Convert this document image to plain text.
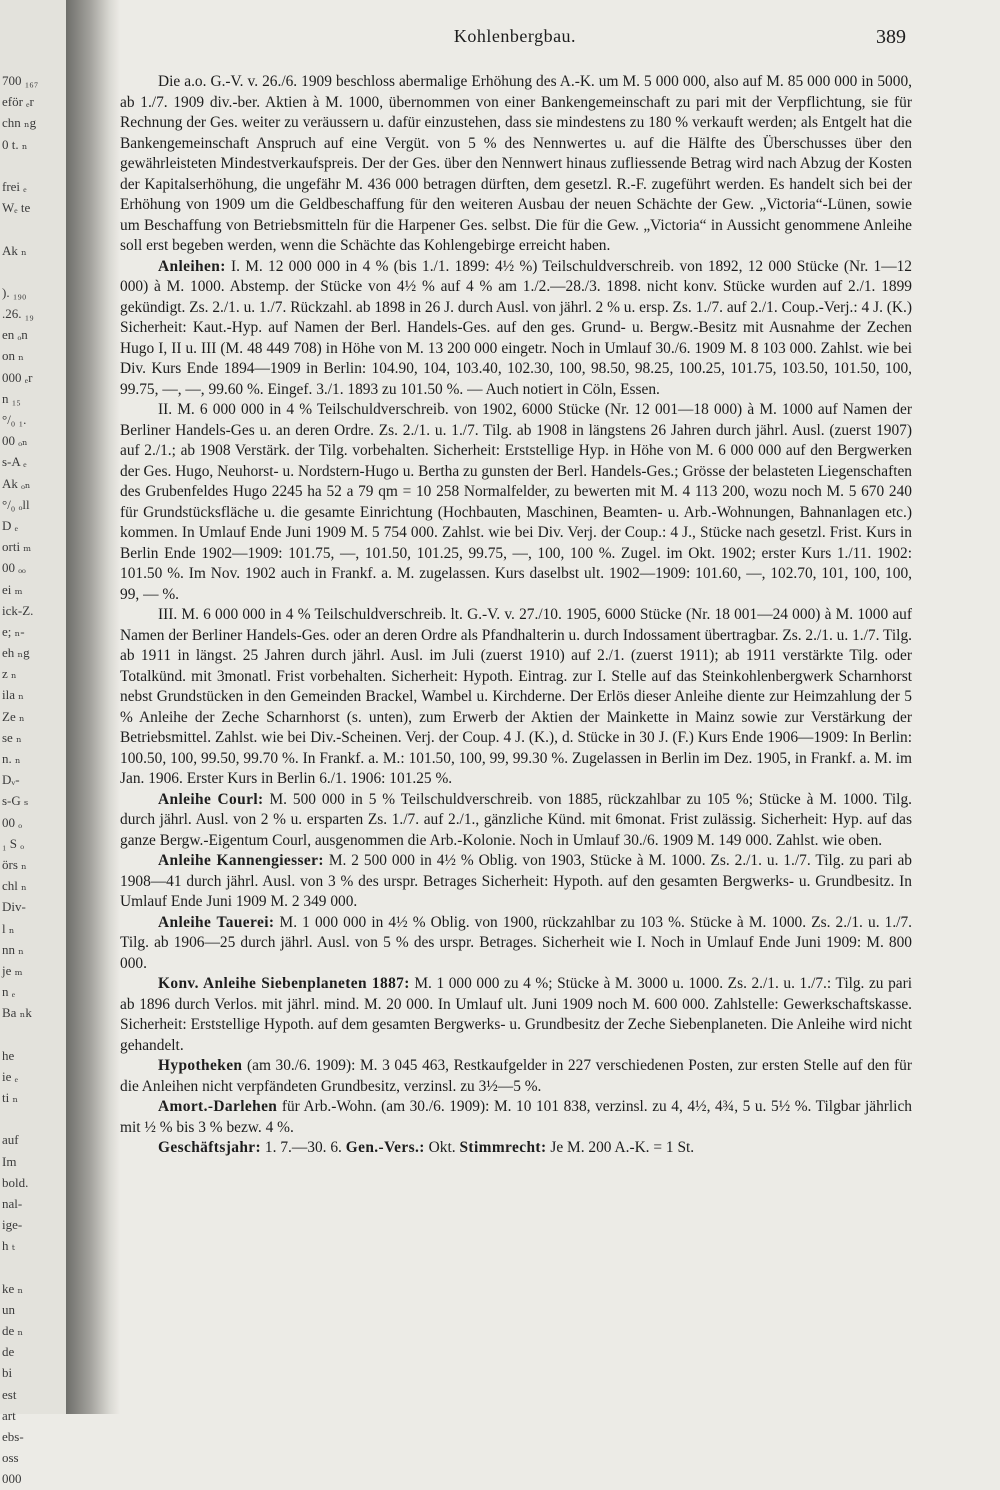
700 ₁₆₇
eför ₑr
chn ₙg
0 t. ₙ
frei ₑ
Wₑ te
Ak ₙ
). ₁₉₀
.26. ₁₉
en ₒn
on ₙ
000 ₑr
n ₁₅
°/₀ ₁.
00 ₒₙ
s-A ₑ
Ak ₒₙ
°/₀ ₒll
D ₑ
orti ₘ
00 ₒₒ
ei ₘ
ick-Z.
e; ₙ-
eh ₙg
z ₙ
ila ₙ
Ze ₙ
se ₙ
n. ₙ
Dᵥ-
s-G ₛ
00 ₒ
₁ S ₒ
örs ₙ
chl ₙ
Div-
l ₙ
nn ₙ
je ₘ
n ₑ
Ba ₙk
he
ie ₑ
ti ₙ
auf
Im
bold.
nal-
ige-
h ₜ
ke ₙ
un
de ₙ
de
bi
est
art
ebs-
oss
000
Kohlenbergbau.	389

Die a.o. G.-V. v. 26./6. 1909 beschloss abermalige Erhöhung des A.-K. um M. 5 000 000, also auf M. 85 000 000 in 5000, ab 1./7. 1909 div.-ber. Aktien à M. 1000, übernommen von einer Bankengemeinschaft zu pari mit der Verpflichtung, sie für Rechnung der Ges. weiter zu veräussern u. dafür einzustehen, dass sie mindestens zu 180 % verkauft werden; als Entgelt hat die Bankengemeinschaft Anspruch auf eine Vergüt. von 5 % des Nennwertes u. auf die Hälfte des Überschusses über den gewährleisteten Mindestverkaufspreis. Der der Ges. über den Nennwert hinaus zufliessende Betrag wird nach Abzug der Kosten der Kapitalserhöhung, die ungefähr M. 436 000 betragen dürften, dem gesetzl. R.-F. zugeführt werden. Es handelt sich bei der Erhöhung von 1909 um die Geldbeschaffung für den weiteren Ausbau der neuen Schächte der Gew. „Victoria“-Lünen, sowie um Beschaffung von Betriebsmitteln für die Harpener Ges. selbst. Die für die Gew. „Victoria“ in Aussicht genommene Anleihe soll erst begeben werden, wenn die Schächte das Kohlengebirge erreicht haben.

Anleihen: I. M. 12 000 000 in 4 % (bis 1./1. 1899: 4½ %) Teilschuldverschreib. von 1892, 12 000 Stücke (Nr. 1—12 000) à M. 1000. Abstemp. der Stücke von 4½ % auf 4 % am 1./2.—28./3. 1898. nicht konv. Stücke wurden auf 2./1. 1899 gekündigt. Zs. 2./1. u. 1./7. Rückzahl. ab 1898 in 26 J. durch Ausl. von jährl. 2 % u. ersp. Zs. 1./7. auf 2./1. Coup.-Verj.: 4 J. (K.) Sicherheit: Kaut.-Hyp. auf Namen der Berl. Handels-Ges. auf den ges. Grund- u. Bergw.-Besitz mit Ausnahme der Zechen Hugo I, II u. III (M. 48 449 708) in Höhe von M. 13 200 000 eingetr. Noch in Umlauf 30./6. 1909 M. 8 103 000. Zahlst. wie bei Div. Kurs Ende 1894—1909 in Berlin: 104.90, 104, 103.40, 102.30, 100, 98.50, 98.25, 100.25, 101.75, 103.50, 101.50, 100, 99.75, —, —, 99.60 %. Eingef. 3./1. 1893 zu 101.50 %. — Auch notiert in Cöln, Essen.

II. M. 6 000 000 in 4 % Teilschuldverschreib. von 1902, 6000 Stücke (Nr. 12 001—18 000) à M. 1000 auf Namen der Berliner Handels-Ges u. an deren Ordre. Zs. 2./1. u. 1./7. Tilg. ab 1908 in längstens 26 Jahren durch jährl. Ausl. (zuerst 1907) auf 2./1.; ab 1908 Verstärk. der Tilg. vorbehalten. Sicherheit: Erststellige Hyp. in Höhe von M. 6 000 000 auf den Bergwerken der Ges. Hugo, Neuhorst- u. Nordstern-Hugo u. Bertha zu gunsten der Berl. Handels-Ges.; Grösse der belasteten Liegenschaften des Grubenfeldes Hugo 2245 ha 52 a 79 qm = 10 258 Normalfelder, zu bewerten mit M. 4 113 200, wozu noch M. 5 670 240 für Grundstücksfläche u. die gesamte Einrichtung (Hochbauten, Maschinen, Beamten- u. Arb.-Wohnungen, Bahnanlagen etc.) kommen. In Umlauf Ende Juni 1909 M. 5 754 000. Zahlst. wie bei Div. Verj. der Coup.: 4 J., Stücke nach gesetzl. Frist. Kurs in Berlin Ende 1902—1909: 101.75, —, 101.50, 101.25, 99.75, —, 100, 100 %. Zugel. im Okt. 1902; erster Kurs 1./11. 1902: 101.50 %. Im Nov. 1902 auch in Frankf. a. M. zugelassen. Kurs daselbst ult. 1902—1909: 101.60, —, 102.70, 101, 100, 100, 99, — %.

III. M. 6 000 000 in 4 % Teilschuldverschreib. lt. G.-V. v. 27./10. 1905, 6000 Stücke (Nr. 18 001—24 000) à M. 1000 auf Namen der Berliner Handels-Ges. oder an deren Ordre als Pfandhalterin u. durch Indossament übertragbar. Zs. 2./1. u. 1./7. Tilg. ab 1911 in längst. 25 Jahren durch jährl. Ausl. im Juli (zuerst 1910) auf 2./1. (zuerst 1911); ab 1911 verstärkte Tilg. oder Totalkünd. mit 3monatl. Frist vorbehalten. Sicherheit: Hypoth. Eintrag. zur I. Stelle auf das Steinkohlenbergwerk Scharnhorst nebst Grundstücken in den Gemeinden Brackel, Wambel u. Kirchderne. Der Erlös dieser Anleihe diente zur Heimzahlung der 5 % Anleihe der Zeche Scharnhorst (s. unten), zum Erwerb der Aktien der Mainkette in Mainz sowie zur Verstärkung der Betriebsmittel. Zahlst. wie bei Div.-Scheinen. Verj. der Coup. 4 J. (K.), d. Stücke in 30 J. (F.) Kurs Ende 1906—1909: In Berlin: 100.50, 100, 99.50, 99.70 %. In Frankf. a. M.: 101.50, 100, 99, 99.30 %. Zugelassen in Berlin im Dez. 1905, in Frankf. a. M. im Jan. 1906. Erster Kurs in Berlin 6./1. 1906: 101.25 %.

Anleihe Courl: M. 500 000 in 5 % Teilschuldverschreib. von 1885, rückzahlbar zu 105 %; Stücke à M. 1000. Tilg. durch jährl. Ausl. von 2 % u. ersparten Zs. 1./7. auf 2./1., gänzliche Künd. mit 6monat. Frist zulässig. Sicherheit: Hyp. auf das ganze Bergw.-Eigentum Courl, ausgenommen die Arb.-Kolonie. Noch in Umlauf 30./6. 1909 M. 149 000. Zahlst. wie oben.

Anleihe Kannengiesser: M. 2 500 000 in 4½ % Oblig. von 1903, Stücke à M. 1000. Zs. 2./1. u. 1./7. Tilg. zu pari ab 1908—41 durch jährl. Ausl. von 3 % des urspr. Betrages Sicherheit: Hypoth. auf den gesamten Bergwerks- u. Grundbesitz. In Umlauf Ende Juni 1909 M. 2 349 000.

Anleihe Tauerei: M. 1 000 000 in 4½ % Oblig. von 1900, rückzahlbar zu 103 %. Stücke à M. 1000. Zs. 2./1. u. 1./7. Tilg. ab 1906—25 durch jährl. Ausl. von 5 % des urspr. Betrages. Sicherheit wie I. Noch in Umlauf Ende Juni 1909: M. 800 000.

Konv. Anleihe Siebenplaneten 1887: M. 1 000 000 zu 4 %; Stücke à M. 3000 u. 1000. Zs. 2./1. u. 1./7.: Tilg. zu pari ab 1896 durch Verlos. mit jährl. mind. M. 20 000. In Umlauf ult. Juni 1909 noch M. 600 000. Zahlstelle: Gewerkschaftskasse. Sicherheit: Erststellige Hypoth. auf dem gesamten Bergwerks- u. Grundbesitz der Zeche Siebenplaneten. Die Anleihe wird nicht gehandelt.

Hypotheken (am 30./6. 1909): M. 3 045 463, Restkaufgelder in 227 verschiedenen Posten, zur ersten Stelle auf den für die Anleihen nicht verpfändeten Grundbesitz, verzinsl. zu 3½—5 %.

Amort.-Darlehen für Arb.-Wohn. (am 30./6. 1909): M. 10 101 838, verzinsl. zu 4, 4½, 4¾, 5 u. 5½ %. Tilgbar jährlich mit ½ % bis 3 % bezw. 4 %.

Geschäftsjahr: 1. 7.—30. 6. Gen.-Vers.: Okt. Stimmrecht: Je M. 200 A.-K. = 1 St.
